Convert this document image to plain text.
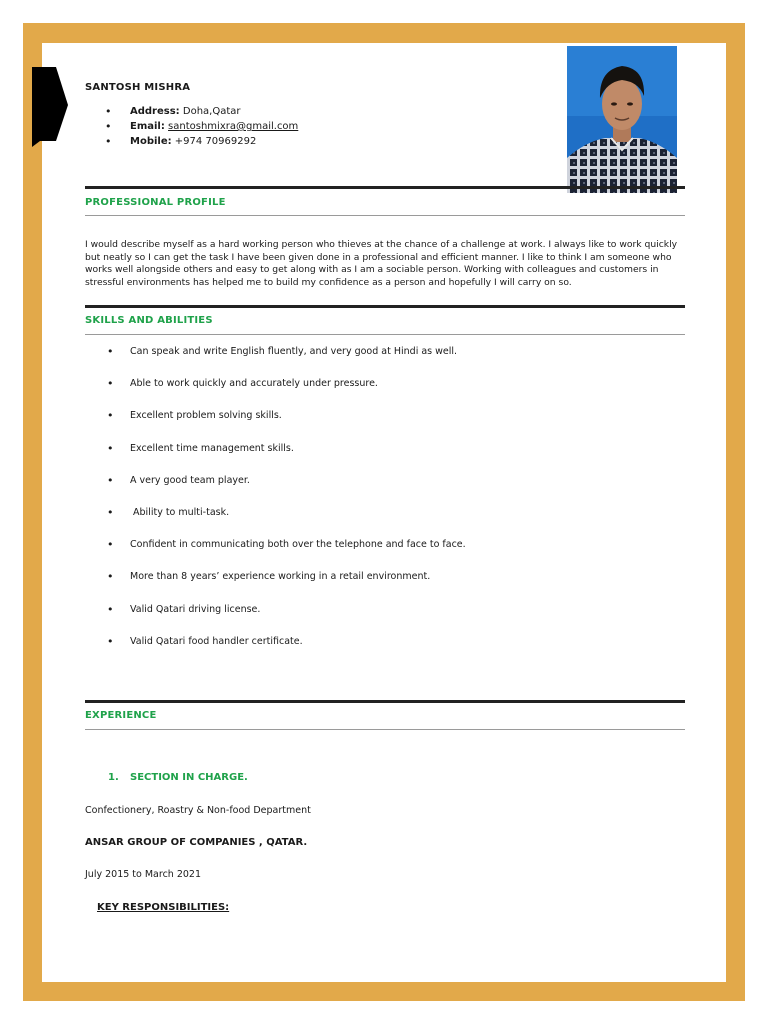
SANTOSH MISHRA
• Address: Doha,Qatar
• Email: santoshmixra@gmail.com
• Mobile: +974 70969292
PROFESSIONAL PROFILE

I would describe myself as a hard working person who thieves at the chance of a challenge at work. I always like to work quickly but neatly so I can get the task I have been given done in a professional and efficient manner. I like to think I am someone who works well alongside others and easy to get along with as I am a sociable person. Working with colleagues and customers in stressful environments has helped me to build my confidence as a person and hopefully I will carry on so.

SKILLS AND ABILITIES
• Can speak and write English fluently, and very good at Hindi as well.
• Able to work quickly and accurately under pressure.
• Excellent problem solving skills.
• Excellent time management skills.
• A very good team player.
•  Ability to multi-task.
• Confident in communicating both over the telephone and face to face.
• More than 8 years’ experience working in a retail environment.
• Valid Qatari driving license.
• Valid Qatari food handler certificate.
EXPERIENCE
1. SECTION IN CHARGE.
Confectionery, Roastry & Non-food Department
ANSAR GROUP OF COMPANIES , QATAR.
July 2015 to March 2021
KEY RESPONSIBILITIES:
